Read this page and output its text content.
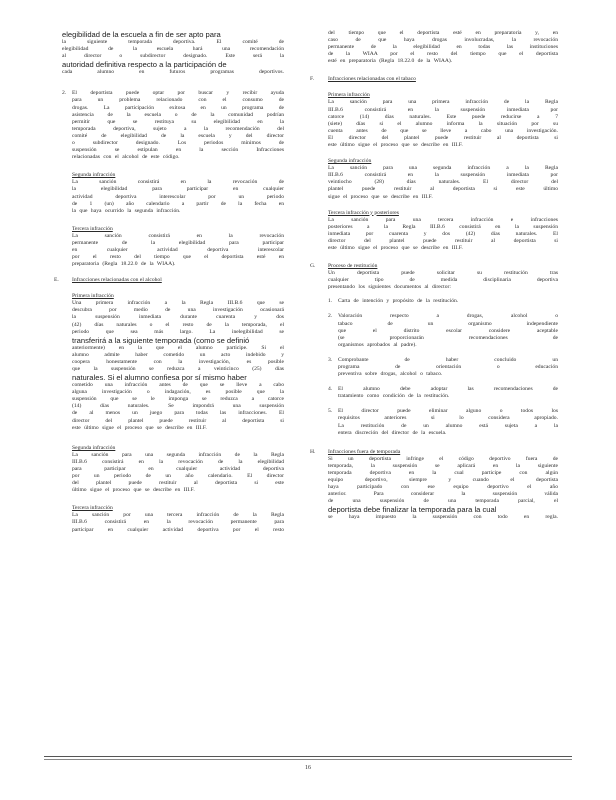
elegibilidad de la escuela a fin de ser apto para
la siguiente temporada deportiva. El comité de
elegibilidad de la escuela hará una recomendación
al director o subdirector designado. Este será la
autoridad definitiva respecto a la participación de
cada alumno en futuros programas deportivos.
2. El deportista puede optar por buscar y recibir ayuda
para un problema relacionado con el consumo de
drogas. La participación exitosa en un programa de
asistencia de la escuela o de la comunidad podrían
permitir que se restituya su elegibilidad en la
temporada deportiva, sujeto a la recomendación del
comité de elegibilidad de la escuela y del director
o subdirector designado. Los periodos mínimos de
suspensión se estipulan en la sección Infracciones
relacionadas con el alcohol de este código.
Segunda infracción
La sanción consistirá en la revocación de
la elegibilidad para participar en cualquier
actividad deportiva interescolar por un periodo
de 1 (un) año calendario a partir de la fecha en
la que haya ocurrido la segunda infracción.
Tercera infracción
La sanción consistirá en la revocación
permanente de la elegibilidad para participar
en cualquier actividad deportiva interescolar
por el resto del tiempo que el deportista esté en
preparatoria (Regla 18.22.0 de la WIAA).
E. Infracciones relacionadas con el alcohol
Primera infracción
Una primera infracción a la Regla III.B.6 que se
descubra por medio de una investigación ocasionará
la suspensión inmediata durante cuarenta y dos
(42) días naturales o el resto de la temporada, el
periodo que sea más largo. La inelegibilidad se
transferirá a la siguiente temporada (como se definió
anteriormente) en la que el alumno participe. Si el
alumno admite haber cometido un acto indebido y
coopera honestamente con la investigación, es posible
que la suspensión se reduzca a veinticinco (25) días
naturales. Si el alumno confiesa por sí mismo haber
cometido una infracción antes de que se lleve a cabo
alguna investigación o indagación, es posible que la
suspensión que se le imponga se reduzca a catorce
(14) días naturales. Se impondrá una suspensión
de al menos un juego para todas las infracciones. El
director del plantel puede restituir al deportista si
este último sigue el proceso que se describe en III.F.
Segunda infracción
La sanción para una segunda infracción de la Regla
III.B.6 consistirá en la revocación de la elegibilidad
para participar en cualquier actividad deportiva
por un periodo de un año calendario. El director
del plantel puede restituir al deportista si este
último sigue el proceso que se describe en III.F.
Tercera infracción
La sanción por una tercera infracción de la Regla
III.B.6 consistirá en la revocación permanente para
participar en cualquier actividad deportiva por el resto
del tiempo que el deportista esté en preparatoria y, en
caso de que haya drogas involucradas, la revocación
permanente de la elegibilidad en todas las instituciones
de la WIAA por el resto del tiempo que el deportista
esté en preparatoria (Regla 18.22.0 de la WIAA).
F. Infracciones relacionadas con el tabaco
Primera infracción
La sanción para una primera infracción de la Regla
III.B.6 consistirá en la suspensión inmediata por
catorce (14) días naturales. Este puede reducirse a 7
(siete) días si el alumno informa la situación por su
cuenta antes de que se lleve a cabo una investigación.
El director del plantel puede restituir al deportista si
este último sigue el proceso que se describe en III.F.
Segunda infracción
La sanción para una segunda infracción a la Regla
III.B.6 consistirá en la suspensión inmediata por
veintiocho (28) días naturales. El director del
plantel puede restituir al deportista si este último
sigue el proceso que se describe en III.F.
Tercera infracción y posteriores
La sanción para una tercera infracción e infracciones
posteriores a la Regla III.B.6 consistirá en la suspensión
inmediata por cuarenta y dos (42) días naturales. El
director del plantel puede restituir al deportista si
este último sigue el proceso que se describe en III.F.
G. Proceso de restitución
Un deportista puede solicitar su restitución tras
cualquier tipo de medida disciplinaria deportiva
presentando los siguientes documentos al director:
1. Carta de intención y propósito de la restitución.
2. Valoración respecto a drogas, alcohol o
tabaco de un organismo independiente
que el distrito escolar considere aceptable
(se proporcionarán recomendaciones de
organismos aprobados al padre).
3. Comprobante de haber concluido un
programa de orientación o educación
preventiva sobre drogas, alcohol o tabaco.
4. El alumno debe adoptar las recomendaciones de
tratamiento como condición de la restitución.
5. El director puede eliminar alguno o todos los
requisitos anteriores si lo considera apropiado.
La restitución de un alumno está sujeta a la
entera discreción del director de la escuela.
H. Infracciones fuera de temporada
Si un deportista infringe el código deportivo fuera de
temporada, la suspensión se aplicará en la siguiente
temporada deportiva en la cual participe con algún
equipo deportivo, siempre y cuando el deportista
haya participado con ese equipo deportivo el año
anterior. Para considerar la suspensión válida
de una suspensión de una temporada parcial, el
deportista debe finalizar la temporada para la cual
se haya impuesto la suspensión con todo en regla.
16
